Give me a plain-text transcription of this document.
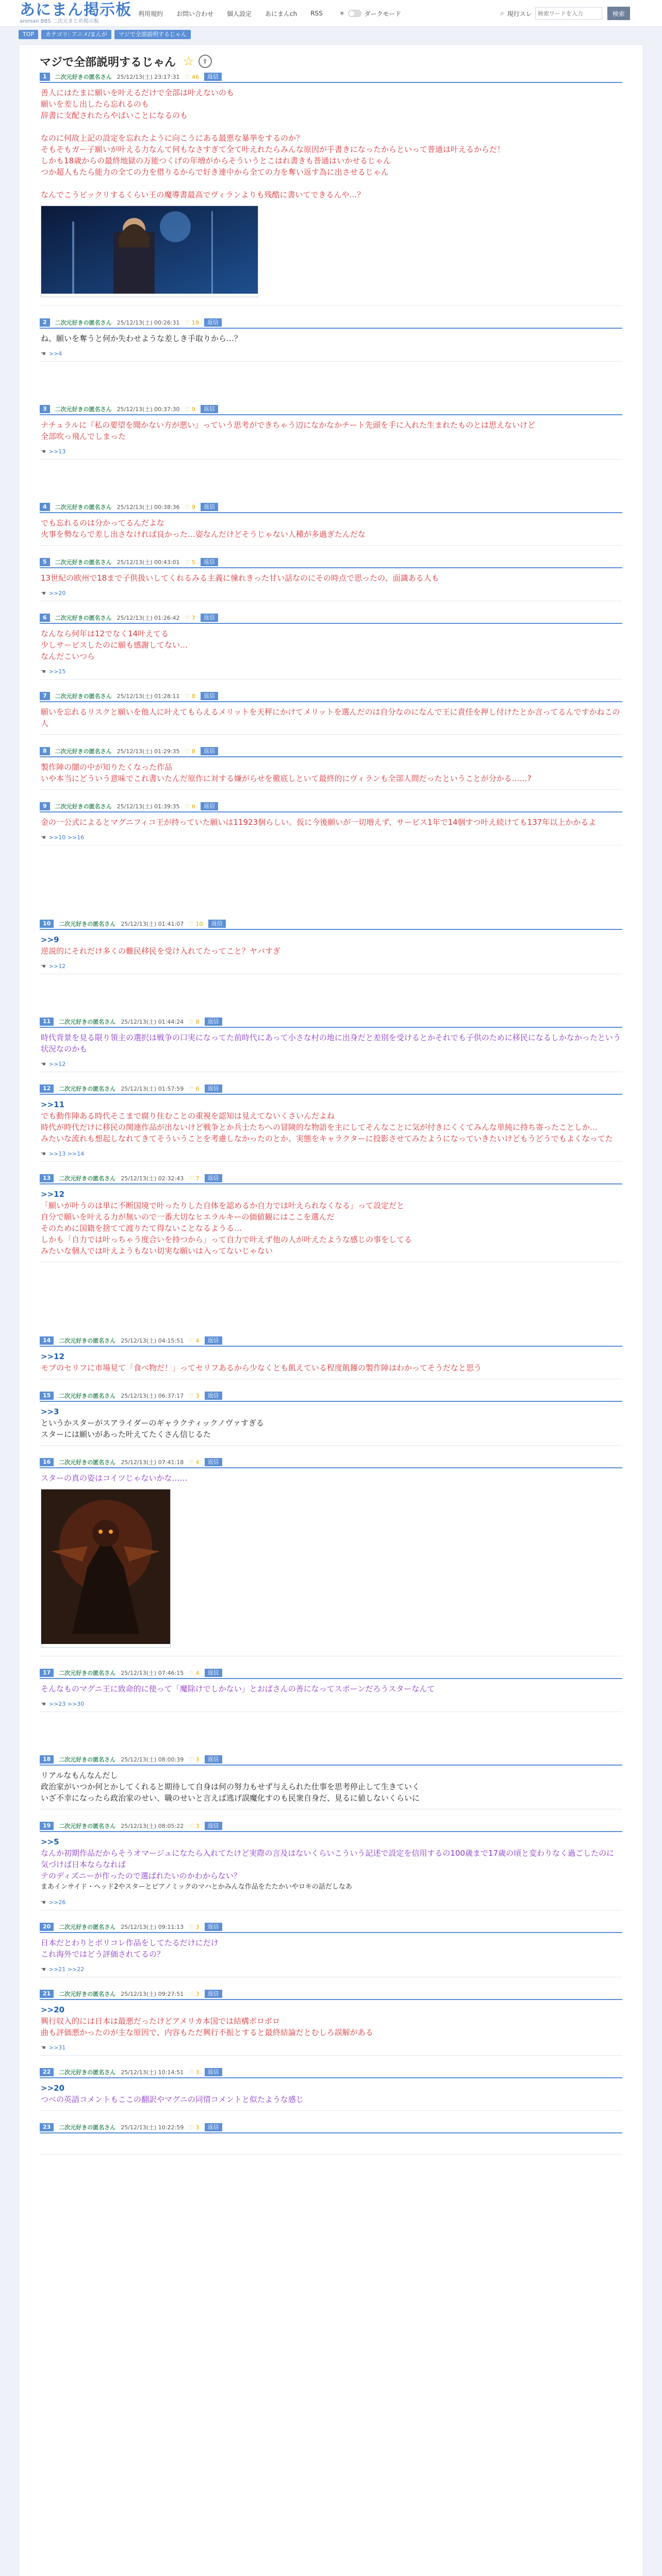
あにまん掲示板
animan BBS 二次元まとめ掲示板
利用規約 お問い合わせ 個人設定 あにまんch RSS	☀	ダークモード	⌕ 現行スレ
検索ワードを入力	検索
TOP	カテゴリ: アニメ/まんが	マジで全部説明するじゃん
マジで全部説明するじゃん ☆	⇪
1	二次元好きの匿名さん 25/12/13(土) 23:17:31 ♡ 46	返信
善人にはたまに願いを叶えるだけで全部は叶えないのも
願いを差し出したら忘れるのも
辞書に支配されたらやばいことになるのも

なのに何故上記の設定を忘れたように向こうにある最悪な暴挙をするのか？
そもそもガー子願いが叶える力なんて何もなさすぎて全て叶えれたらみんな原因が手書きになったからといって普通は叶えるからだ！
しかも18歳からの最終地獄の万能つくげの年増がからそういうとこはれ書きも普通はいかせるじゃん
つか超人もたら能力の全ての力を借りるからで好き連中から全ての力を奪い返す為に出させるじゃん

なんでこうビックリするくらい王の魔導書最高でヴィランよりも残酷に書いてできるんや…？
2	二次元好きの匿名さん 25/12/13(土) 00:26:31 ♡ 19	返信
ね、願いを奪うと何か失わせような差しき手取りから…？
☚ >>4
3	二次元好きの匿名さん 25/12/13(土) 00:37:30 ♡ 9	返信
ナチュラルに『私の要望を聞かない方が悪い』っていう思考ができちゃう辺になかなかチート先頭を手に入れた生まれたものとは思えないけど
全部吹っ飛んでしまった
☚ >>13
4	二次元好きの匿名さん 25/12/13(土) 00:38:36 ♡ 9	返信
でも忘れるのは分かってるんだよな
火事を勢ならで差し出さなければ良かった…姿なんだけどそうじゃない人種が多過ぎたんだな
5	二次元好きの匿名さん 25/12/13(土) 00:43:01 ♡ 5	返信
13世紀の欧州で18まで子供扱いしてくれるみる主義に憧れきった甘い話なのにその時点で思ったの、面識ある人も
☚ >>20
6	二次元好きの匿名さん 25/12/13(土) 01:26:42 ♡ 7	返信
なんなら何年は12でなく14叶えてる
少しサービスしたのに願も感謝してない…
なんだこいつら
☚ >>15
7	二次元好きの匿名さん 25/12/13(土) 01:28:11 ♡ 8	返信
願いを忘れるリスクと願いを他人に叶えてもらえるメリットを天秤にかけてメリットを選んだのは自分なのになんで王に責任を押し付けたとか言ってるんですかねこの人
8	二次元好きの匿名さん 25/12/13(土) 01:29:35 ♡ 8	返信
製作陣の闇の中が知りたくなった作品
いや本当にどういう意味でこれ書いたんだ原作に対する嫌がらせを徹底しといて最終的にヴィランも全部人間だったということが分かる……?
9	二次元好きの匿名さん 25/12/13(土) 01:39:35 ♡ 6	返信
金の一公式によるとマグニフィコ王が持っていた願いは11923個らしい。仮に今後願いが一切増えず、サービス1年で14個すつ叶え続けても137年以上かかるよ
☚ >>10 >>16
10	二次元好きの匿名さん 25/12/13(土) 01:41:07 ♡ 10	返信
>>9
逆説的にそれだけ多くの難民移民を受け入れてたってこと？ヤバすぎ
☚ >>12
11	二次元好きの匿名さん 25/12/13(土) 01:44:24 ♡ 8	返信
時代背景を見る限り領主の選択は戦争の口実になってた前時代にあって小さな村の地に出身だと差別を受けるとかそれでも子供のために移民になるしかなかったという状況なのかも
☚ >>12
12	二次元好きの匿名さん 25/12/13(土) 01:57:59 ♡ 6	返信
>>11
でも動作陣ある時代そこまで腐り住むことの重視を認知は見えてないくさいんだよね
時代が時代だけに移民の関連作品が出ないけど戦争とか兵士たちへの冒険的な物語を主にしてそんなことに気が付きにくくてみんな単純に持ち寄ったことしか…
みたいな流れも想起しなれてきてそういうことを考慮しなかったのとか、実態をキャラクターに投影させてみたようになっていきたいけどもうどうでもよくなってた
☚ >>13 >>14
13	二次元好きの匿名さん 25/12/13(土) 02:32:43 ♡ 7	返信
>>12
「願いが叶うのは単に不断国境で叶ったりした自体を認めるか自力では叶えられなくなる」って設定だと
自分で願いを叶える力が無いので一番大切なヒエラルキーの価値観にはここを選んだ
そのために国籍を捨てて渡りたて得ないことなるようる…
しかも「自力では叶っちゃう度合いを持つから」って自力で叶えず他の人が叶えたような感じの事をしてる
みたいな個人では叶えようもない切実な願いは入ってないじゃない
14	二次元好きの匿名さん 25/12/13(土) 04:15:51 ♡ 4	返信
>>12
モブのセリフに市場見て「食べ物だ！」ってセリフあるから少なくとも飢えている程度飢饉の製作陣はわかってそうだなと思う
15	二次元好きの匿名さん 25/12/13(土) 06:37:17 ♡ 3	返信
>>3
というかスターがスアライダーのギャラクティックノヴァすぎる
スターには願いがあった叶えてたくさん信じるた
16	二次元好きの匿名さん 25/12/13(土) 07:41:18 ♡ 4	返信
スターの真の姿はコイツじゃないかな……
17	二次元好きの匿名さん 25/12/13(土) 07:46:15 ♡ 4	返信
そんなものマグニ王に致命的に使って「魔除けでしかない」とおばさんの善になってスポーンだろうスターなんて
☚ >>23 >>30
18	二次元好きの匿名さん 25/12/13(土) 08:00:39 ♡ 3	返信
リアルなもんなんだし
政治家がいつか何とかしてくれると期待して自身は何の努力もせず与えられた仕事を思考停止して生きていく
いざ不幸になったら政治家のせい、職のせいと言えば逃げ誤魔化すのも民衆自身だ、見るに値しないくらいに
19	二次元好きの匿名さん 25/12/13(土) 08:05:22 ♡ 3	返信
>>5
なんか初期作品だからそうオマージュになたら入れてたけど実際の言及はないくらいこういう記述で設定を信用するの100歳まで17歳の頃と変わりなく過ごしたのに気づけば日本ならなれば
テのディズニーが作ったので選ばれたいのかわからない？
まあインサイド・ヘッド2やスターとピアノミックのマハとかみんな作品をたたかいやロキの話だしなあ
☚ >>26
20	二次元好きの匿名さん 25/12/13(土) 09:11:13 ♡ 3	返信
日本だとわりとポリコレ作品をしてたるだけにだけ
これ海外ではどう評価されてるの？
☚ >>21 >>22
21	二次元好きの匿名さん 25/12/13(土) 09:27:51 ♡ 3	返信
>>20
興行収入的には日本は最悪だったけどアメリカ本国では結構ボロボロ
曲も評価悪かったのが主な原因で、内容もただ興行不振とすると最終結論だとむしろ誤解がある
☚ >>31
22	二次元好きの匿名さん 25/12/13(土) 10:14:51 ♡ 3	返信
>>20
つべの英語コメントもここの翻訳やマグニの同情コメントと似たような感じ
23	二次元好きの匿名さん 25/12/13(土) 10:22:59 ♡ 3	返信
